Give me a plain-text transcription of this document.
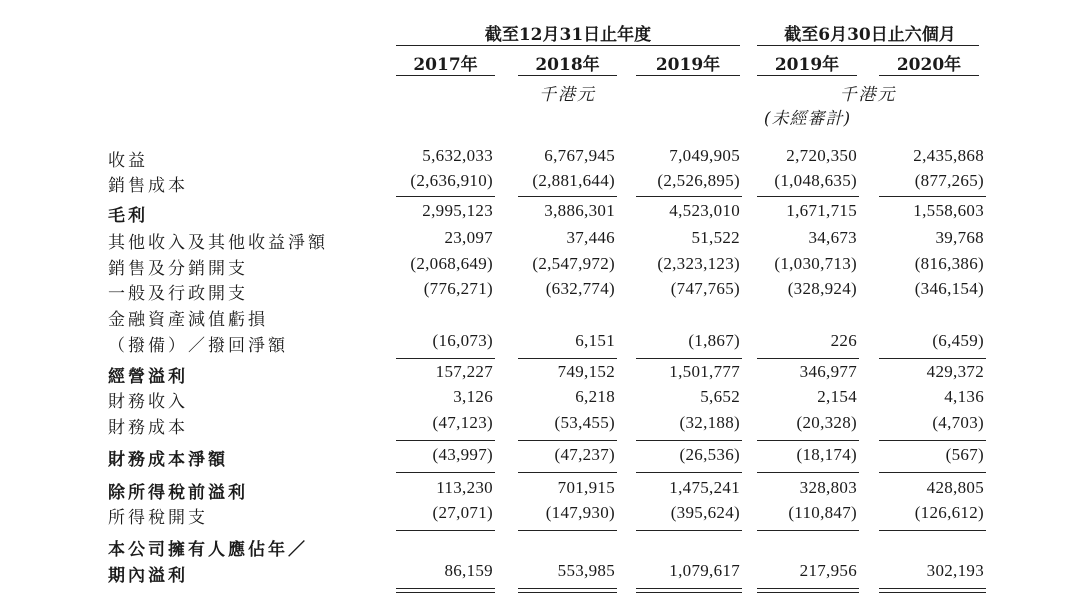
截至12月31日止年度	截至6月30日止六個月
2017年	2018年	2019年	2019年	2020年
千港元	千港元
(未經審計)
收益	5,632,033	6,767,945	7,049,905	2,720,350	2,435,868
銷售成本	(2,636,910)	(2,881,644)	(2,526,895)	(1,048,635)	(877,265)
毛利	2,995,123	3,886,301	4,523,010	1,671,715	1,558,603
其他收入及其他收益淨額	23,097	37,446	51,522	34,673	39,768
銷售及分銷開支	(2,068,649)	(2,547,972)	(2,323,123)	(1,030,713)	(816,386)
一般及行政開支	(776,271)	(632,774)	(747,765)	(328,924)	(346,154)
金融資產減值虧損
（撥備）／撥回淨額	(16,073)	6,151	(1,867)	226	(6,459)
經營溢利	157,227	749,152	1,501,777	346,977	429,372
財務收入	3,126	6,218	5,652	2,154	4,136
財務成本	(47,123)	(53,455)	(32,188)	(20,328)	(4,703)
財務成本淨額	(43,997)	(47,237)	(26,536)	(18,174)	(567)
除所得稅前溢利	113,230	701,915	1,475,241	328,803	428,805
所得稅開支	(27,071)	(147,930)	(395,624)	(110,847)	(126,612)
本公司擁有人應佔年／
期內溢利	86,159	553,985	1,079,617	217,956	302,193
